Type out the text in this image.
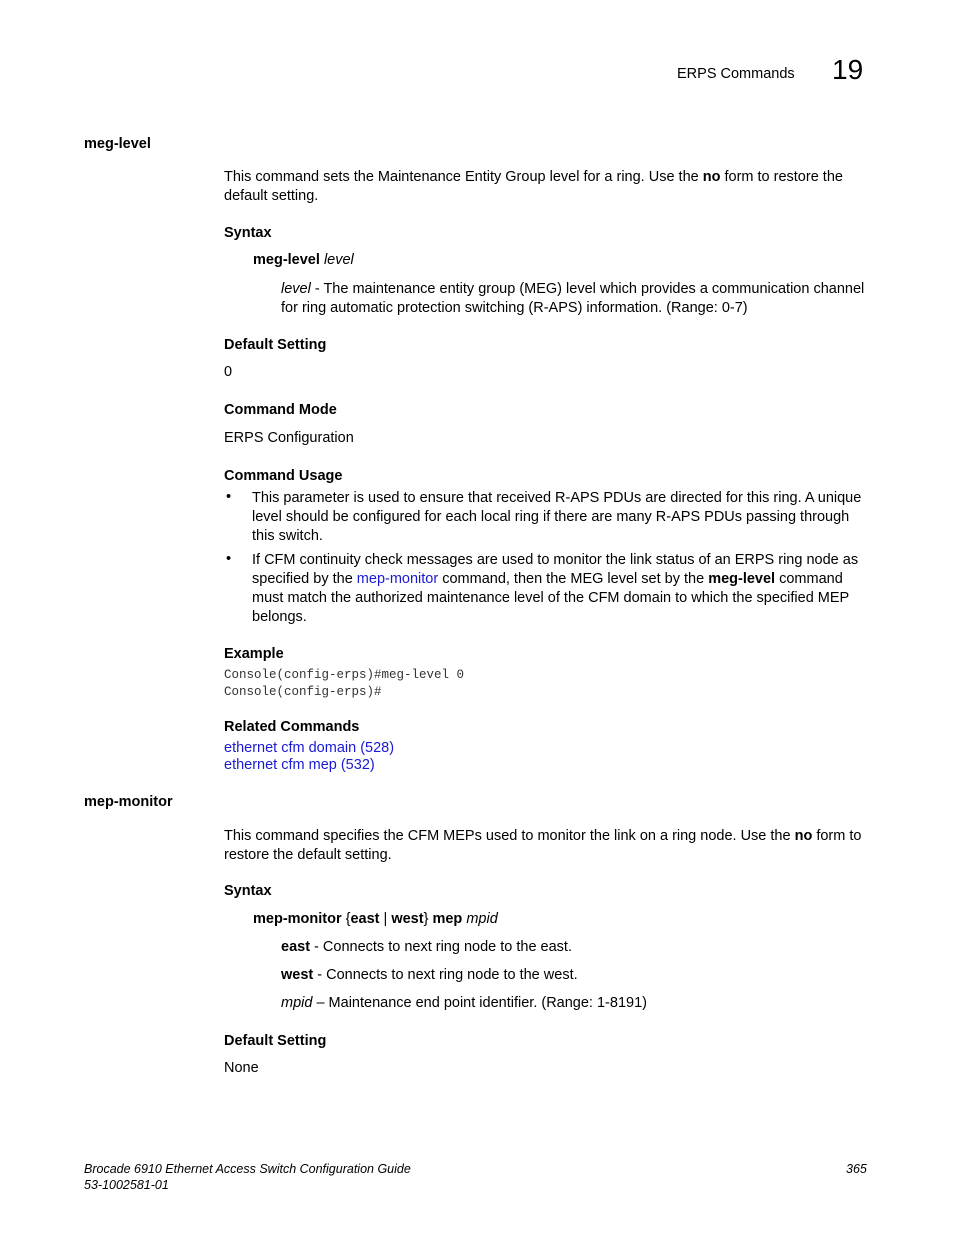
ERPS Commands 19
meg-level

This command sets the Maintenance Entity Group level for a ring. Use the no form to restore the

default setting.

Syntax
meg-level level

level - The maintenance entity group (MEG) level which provides a communication channel

for ring automatic protection switching (R-APS) information. (Range: 0-7)

Default Setting
0
Command Mode
ERPS Configuration
Command Usage
• This parameter is used to ensure that received R-APS PDUs are directed for this ring. A unique

level should be configured for each local ring if there are many R-APS PDUs passing through

this switch.

• If CFM continuity check messages are used to monitor the link status of an ERPS ring node as

specified by the mep-monitor command, then the MEG level set by the meg-level command

must match the authorized maintenance level of the CFM domain to which the specified MEP

belongs.

Example

Console(config-erps)#meg-level 0

Console(config-erps)#

Related Commands

ethernet cfm domain (528)

ethernet cfm mep (532)

mep-monitor

This command specifies the CFM MEPs used to monitor the link on a ring node. Use the no form to

restore the default setting.

Syntax
mep-monitor {east | west} mep mpid
east - Connects to next ring node to the east.
west - Connects to next ring node to the west.
mpid – Maintenance end point identifier. (Range: 1-8191)
Default Setting
None
Brocade 6910 Ethernet Access Switch Configuration Guide
53-1002581-01
365
